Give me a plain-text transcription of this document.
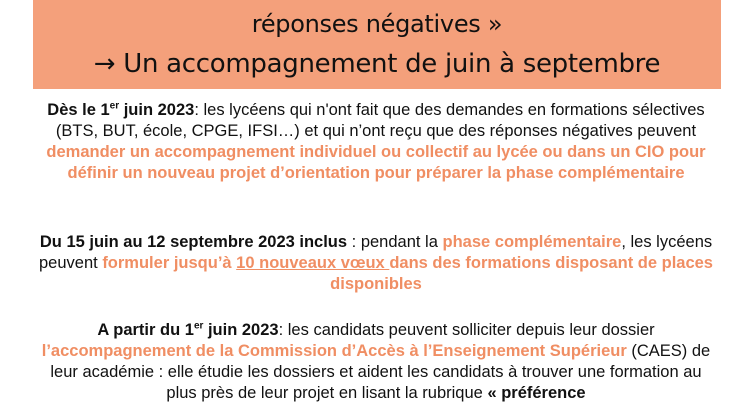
réponses négatives »
→ Un accompagnement de juin à septembre
Dès le 1er juin 2023: les lycéens qui n'ont fait que des demandes en formations sélectives (BTS, BUT, école, CPGE, IFSI…) et qui n’ont reçu que des réponses négatives peuvent demander un accompagnement individuel ou collectif au lycée ou dans un CIO pour définir un nouveau projet d’orientation pour préparer la phase complémentaire
Du 15 juin au 12 septembre 2023 inclus : pendant la phase complémentaire, les lycéens peuvent formuler jusqu’à 10 nouveaux vœux dans des formations disposant de places disponibles
A partir du 1er juin 2023: les candidats peuvent solliciter depuis leur dossier l’accompagnement de la Commission d’Accès à l’Enseignement Supérieur (CAES) de leur académie : elle étudie les dossiers et aident les candidats à trouver une formation au plus près de leur projet en lisant la rubrique « préférence
